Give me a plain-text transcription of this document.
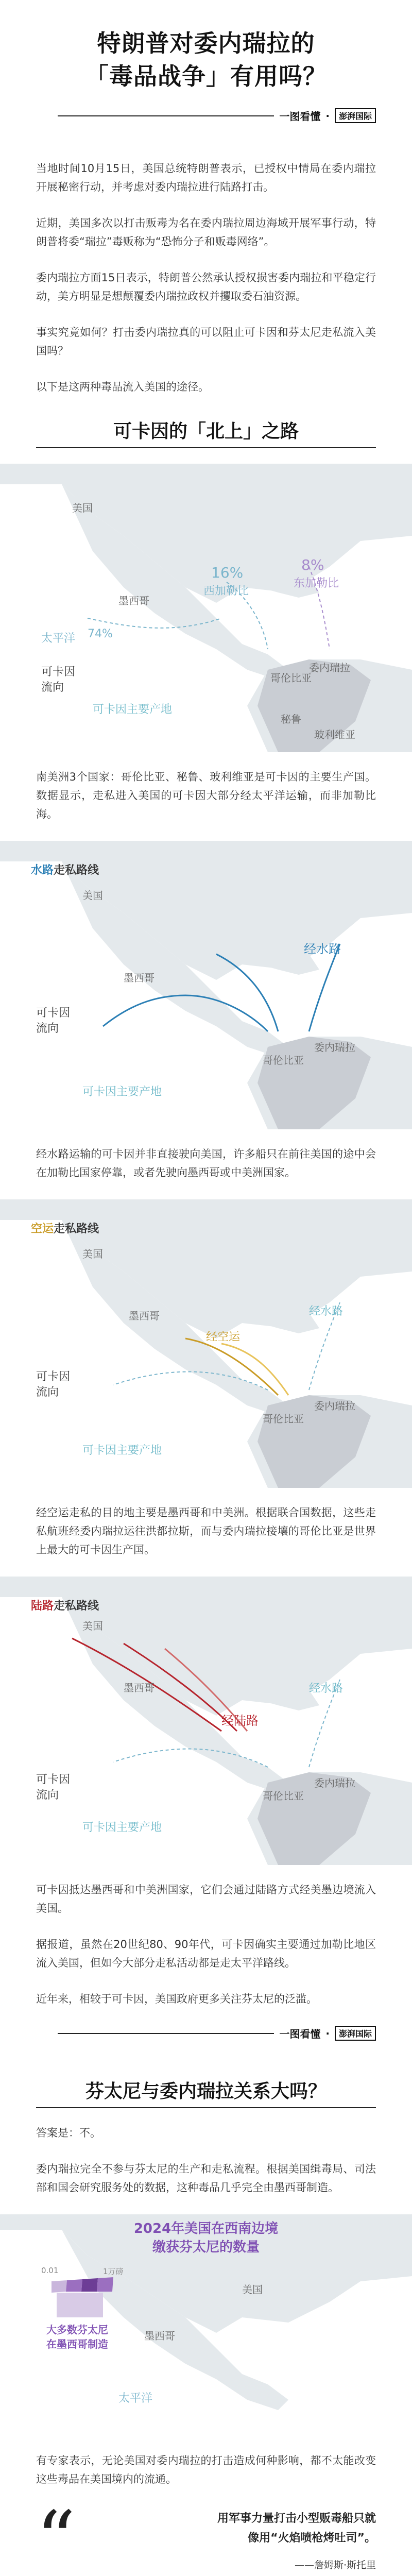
特朗普对委内瑞拉的
「毒品战争」有用吗？
一图看懂 ·	澎湃国际

当地时间10月15日，美国总统特朗普表示，已授权中情局在委内瑞拉开展秘密行动，并考虑对委内瑞拉进行陆路打击。

近期，美国多次以打击贩毒为名在委内瑞拉周边海域开展军事行动，特朗普将委“瑞拉”毒贩称为“恐怖分子和贩毒网络”。

委内瑞拉方面15日表示，特朗普公然承认授权损害委内瑞拉和平稳定行动，美方明显是想颠覆委内瑞拉政权并攫取委石油资源。

事实究竟如何？打击委内瑞拉真的可以阻止可卡因和芬太尼走私流入美国吗？

以下是这两种毒品流入美国的途径。

可卡因的「北上」之路
美国
墨西哥
16%
西加勒比
8%
东加勒比
太平洋 74%
可卡因
流向
哥伦比亚
委内瑞拉
秘鲁
玻利维亚
可卡因主要产地

南美洲3个国家：哥伦比亚、秘鲁、玻利维亚是可卡因的主要生产国。数据显示，走私进入美国的可卡因大部分经太平洋运输，而非加勒比海。

水路走私路线
美国
墨西哥
经水路
可卡因
流向
哥伦比亚
委内瑞拉
可卡因主要产地

经水路运输的可卡因并非直接驶向美国，许多船只在前往美国的途中会在加勒比国家停靠，或者先驶向墨西哥或中美洲国家。

空运走私路线
美国
墨西哥
经空运
经水路
可卡因
流向
哥伦比亚
委内瑞拉
可卡因主要产地

经空运走私的目的地主要是墨西哥和中美洲。根据联合国数据，这些走私航班经委内瑞拉运往洪都拉斯，而与委内瑞拉接壤的哥伦比亚是世界上最大的可卡因生产国。

陆路走私路线
美国
墨西哥
经陆路
经水路
可卡因
流向	哥伦比亚
委内瑞拉
可卡因主要产地

可卡因抵达墨西哥和中美洲国家，它们会通过陆路方式经美墨边境流入美国。

据报道，虽然在20世纪80、90年代，可卡因确实主要通过加勒比地区流入美国，但如今大部分走私活动都是走太平洋路线。

近年来，相较于可卡因，美国政府更多关注芬太尼的泛滥。

一图看懂 ·	澎湃国际
芬太尼与委内瑞拉关系大吗？

答案是：不。

委内瑞拉完全不参与芬太尼的生产和走私流程。根据美国缉毒局、司法部和国会研究服务处的数据，这种毒品几乎完全由墨西哥制造。

2024年美国在西南边境
缴获芬太尼的数量
美国
墨西哥
大多数芬太尼
在墨西哥制造
太平洋
0.01	1万磅

有专家表示，无论美国对委内瑞拉的打击造成何种影响，都不太能改变这些毒品在美国境内的流通。

“	用军事力量打击小型贩毒船只就
像用“火焰喷枪烤吐司”。
——詹姆斯·斯托里
